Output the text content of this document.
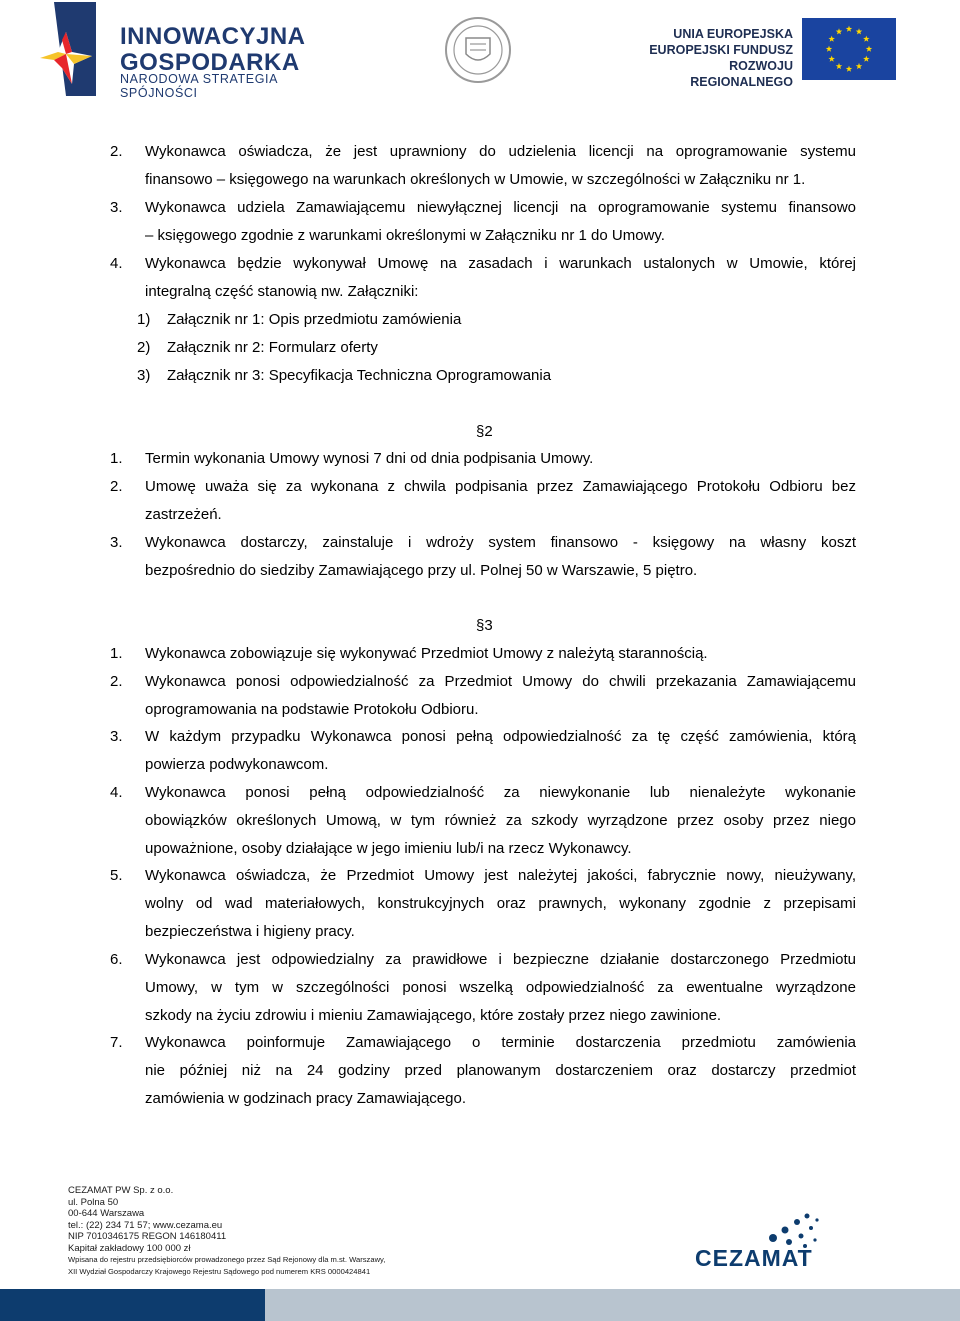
INNOWACYJNA
GOSPODARKA
NARODOWA STRATEGIA SPÓJNOŚCI
UNIA EUROPEJSKA
EUROPEJSKI FUNDUSZ
ROZWOJU REGIONALNEGO
2.	Wykonawca oświadcza, że jest uprawniony do udzielenia licencji na oprogramowanie systemu
finansowo – księgowego na warunkach określonych w Umowie, w szczególności w Załączniku nr 1.
3.	Wykonawca udziela Zamawiającemu niewyłącznej licencji na oprogramowanie systemu finansowo
– księgowego zgodnie z warunkami określonymi w Załączniku nr 1 do Umowy.
4.	Wykonawca będzie wykonywał Umowę na zasadach i warunkach ustalonych w Umowie, której
integralną część stanowią nw. Załączniki:
1) Załącznik nr 1: Opis przedmiotu zamówienia
2) Załącznik nr 2: Formularz oferty
3) Załącznik nr 3: Specyfikacja Techniczna Oprogramowania
§2
1.	Termin wykonania Umowy wynosi 7 dni od dnia podpisania Umowy.
2.	Umowę uważa się za wykonana z chwila podpisania przez Zamawiającego Protokołu Odbioru bez
zastrzeżeń.
3.	Wykonawca dostarczy, zainstaluje i wdroży system finansowo - księgowy na własny koszt
bezpośrednio do siedziby Zamawiającego przy ul. Polnej 50 w Warszawie, 5 piętro.
§3
1.	Wykonawca zobowiązuje się wykonywać Przedmiot Umowy z należytą starannością.
2.	Wykonawca ponosi odpowiedzialność za Przedmiot Umowy do chwili przekazania Zamawiającemu
oprogramowania na podstawie Protokołu Odbioru.
3.	W każdym przypadku Wykonawca ponosi pełną odpowiedzialność za tę część zamówienia, którą
powierza podwykonawcom.
4.	Wykonawca ponosi pełną odpowiedzialność za niewykonanie lub nienależyte wykonanie
obowiązków określonych Umową, w tym również za szkody wyrządzone przez osoby przez niego
upoważnione, osoby działające w jego imieniu lub/i na rzecz Wykonawcy.
5.	Wykonawca oświadcza, że Przedmiot Umowy jest należytej jakości, fabrycznie nowy, nieużywany,
wolny od wad materiałowych, konstrukcyjnych oraz prawnych, wykonany zgodnie z przepisami
bezpieczeństwa i higieny pracy.
6.	Wykonawca jest odpowiedzialny za prawidłowe i bezpieczne działanie dostarczonego Przedmiotu
Umowy, w tym w szczególności ponosi wszelką odpowiedzialność za ewentualne wyrządzone
szkody na życiu zdrowiu i mieniu Zamawiającego, które zostały przez niego zawinione.
7.	Wykonawca poinformuje Zamawiającego o terminie dostarczenia przedmiotu zamówienia
nie później niż na 24 godziny przed planowanym dostarczeniem oraz dostarczy przedmiot
zamówienia w godzinach pracy Zamawiającego.
CEZAMAT PW Sp. z o.o.
ul. Polna 50
00-644 Warszawa
tel.: (22) 234 71 57; www.cezama.eu
NIP 7010346175 REGON 146180411
Kapitał zakładowy 100 000 zł
Wpisana do rejestru przedsiębiorców prowadzonego przez Sąd Rejonowy dla m.st. Warszawy,
XII Wydział Gospodarczy Krajowego Rejestru Sądowego pod numerem KRS 0000424841	CEZAMAT
